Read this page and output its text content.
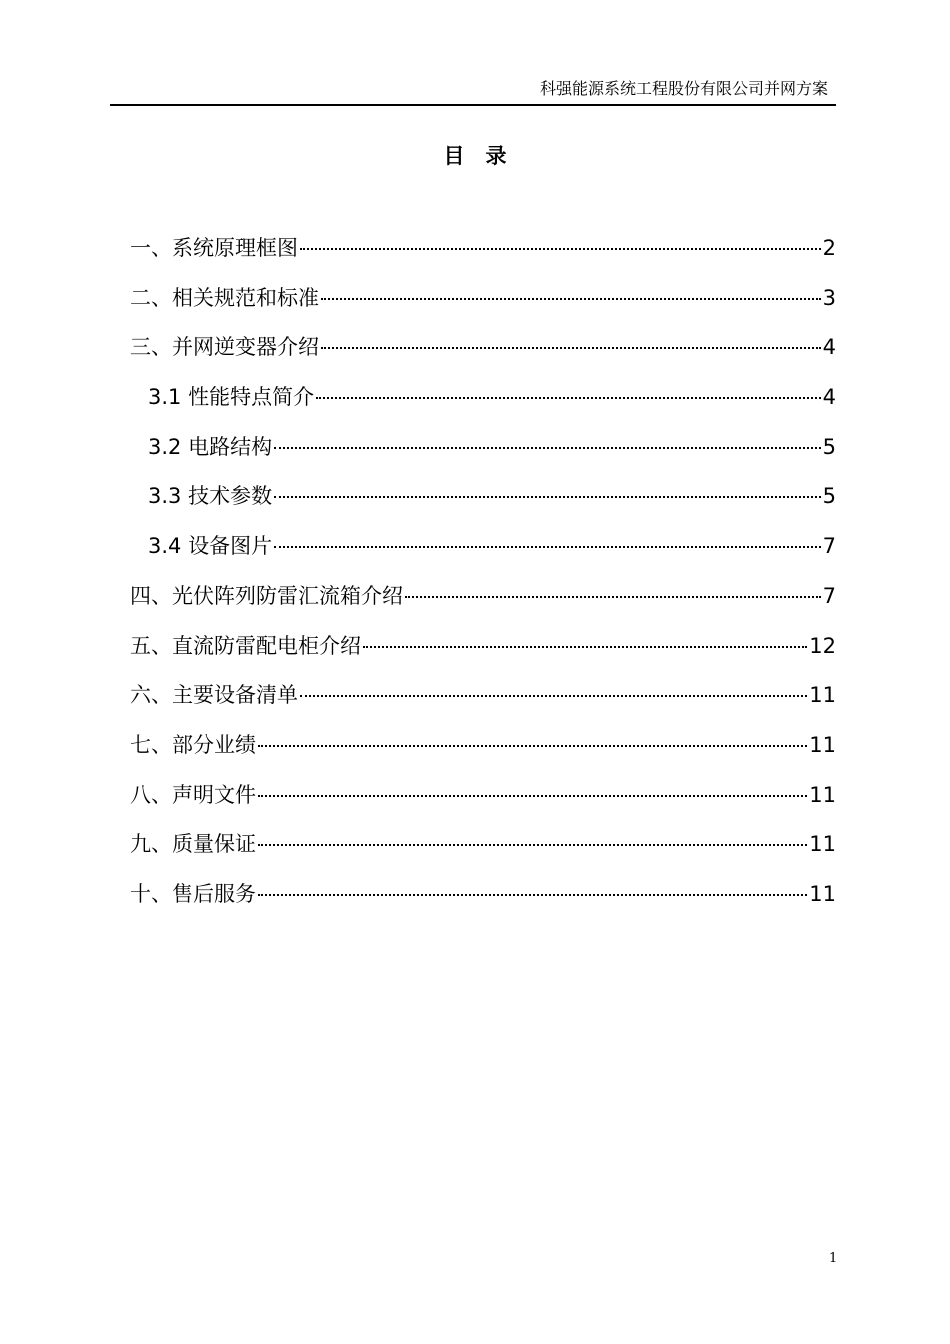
科强能源系统工程股份有限公司并网方案
目　录
一、系统原理框图	2
二、相关规范和标准	3
三、并网逆变器介绍	4
3.1 性能特点简介	4
3.2 电路结构	5
3.3 技术参数	5
3.4 设备图片	7
四、光伏阵列防雷汇流箱介绍	7
五、直流防雷配电柜介绍	12
六、主要设备清单	11
七、部分业绩	11
八、声明文件	11
九、质量保证	11
十、售后服务	11
1
